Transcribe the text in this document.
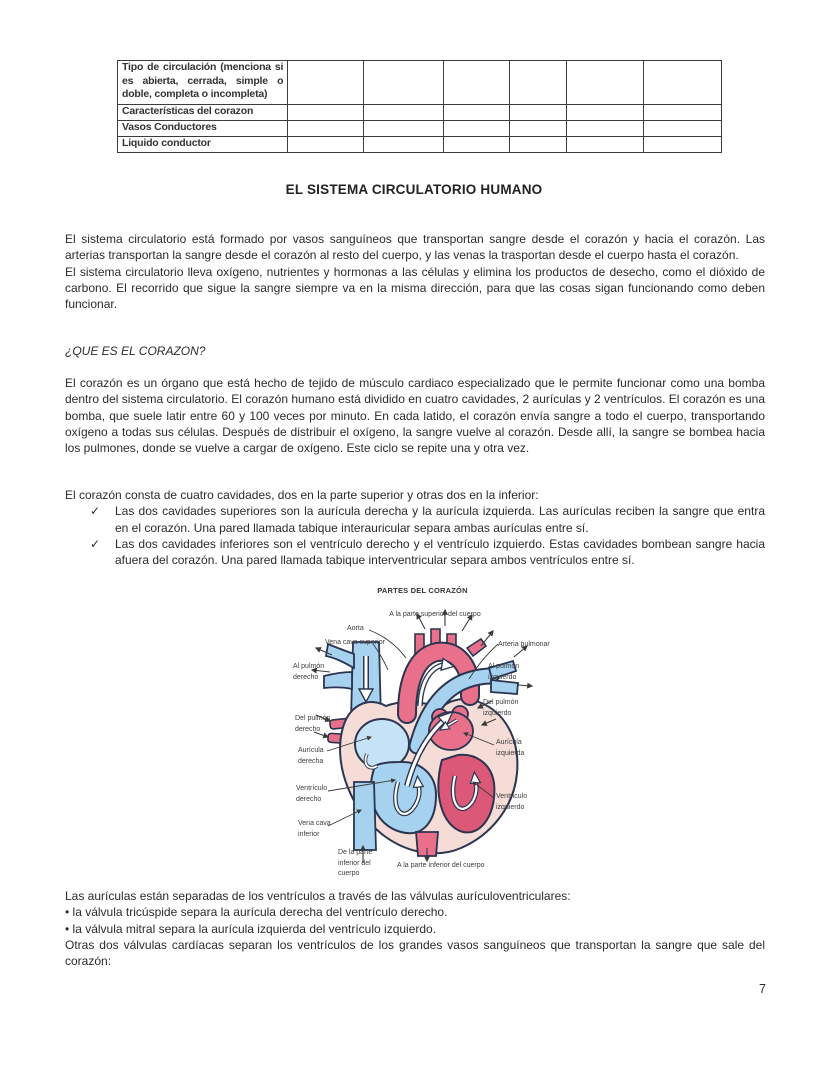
Tipo de circulación (menciona si es abierta, cerrada, simple o doble, completa o incompleta)						
Características del corazon						
Vasos Conductores						
Liquido conductor						
EL SISTEMA CIRCULATORIO HUMANO
El sistema circulatorio está formado por vasos sanguíneos que transportan sangre desde el corazón y hacia el corazón. Las arterias transportan la sangre desde el corazón al resto del cuerpo, y las venas la trasportan desde el cuerpo hasta el corazón.
El sistema circulatorio lleva oxígeno, nutrientes y hormonas a las células y elimina los productos de desecho, como el dióxido de carbono. El recorrido que sigue la sangre siempre va en la misma dirección, para que las cosas sigan funcionando como deben funcionar.
¿QUE ES EL CORAZON?
El corazón es un órgano que está hecho de tejido de músculo cardiaco especializado que le permite funcionar como una bomba dentro del sistema circulatorio. El corazón humano está dividido en cuatro cavidades, 2 aurículas y 2 ventrículos. El corazón es una bomba, que suele latir entre 60 y 100 veces por minuto. En cada latido, el corazón envía sangre a todo el cuerpo, transportando oxígeno a todas sus células. Después de distribuir el oxígeno, la sangre vuelve al corazón. Desde allí, la sangre se bombea hacia los pulmones, donde se vuelve a cargar de oxígeno. Este ciclo se repite una y otra vez.
El corazón consta de cuatro cavidades, dos en la parte superior y otras dos en la inferior:
✓ Las dos cavidades superiores son la aurícula derecha y la aurícula izquierda. Las aurículas reciben la sangre que entra en el corazón. Una pared llamada tabique interauricular separa ambas aurículas entre sí.
✓ Las dos cavidades inferiores son el ventrículo derecho y el ventrículo izquierdo. Estas cavidades bombean sangre hacia afuera del corazón. Una pared llamada tabique interventricular separa ambos ventrículos entre sí.
PARTES DEL CORAZÓN
A la parte superior del cuerpo
Aorta
Vena cava superior	Arteria pulmonar
Al pulmón derecho
Al pulmón izquierdo
Del pulmón izquierdo
Del pulmón derecho
Aurícula derecha
Aurícula izquierda
Ventrículo derecho	Ventrículo izquierdo
Vena cava inferior
De la parte inferior del cuerpo
A la parte inferior del cuerpo
Las aurículas están separadas de los ventrículos a través de las válvulas aurículoventriculares:
• la válvula tricúspide separa la aurícula derecha del ventrículo derecho.
• la válvula mitral separa la aurícula izquierda del ventrículo izquierdo.
Otras dos válvulas cardíacas separan los ventrículos de los grandes vasos sanguíneos que transportan la sangre que sale del corazón:
7
